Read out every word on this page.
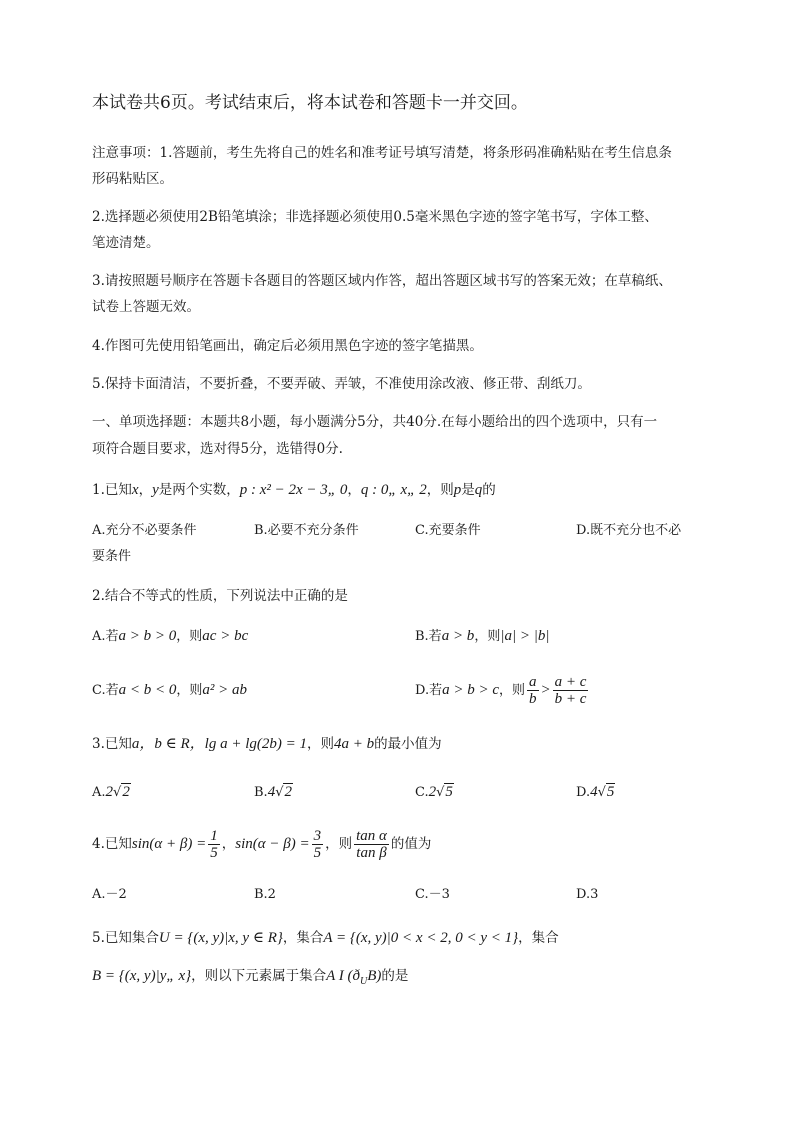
本试卷共6页。考试结束后，将本试卷和答题卡一并交回。
注意事项：1.答题前，考生先将自己的姓名和准考证号填写清楚，将条形码准确粘贴在考生信息条
形码粘贴区。
2.选择题必须使用2B铅笔填涂；非选择题必须使用0.5毫米黑色字迹的签字笔书写，字体工整、
笔迹清楚。
3.请按照题号顺序在答题卡各题目的答题区域内作答，超出答题区域书写的答案无效；在草稿纸、
试卷上答题无效。
4.作图可先使用铅笔画出，确定后必须用黑色字迹的签字笔描黑。
5.保持卡面清洁，不要折叠，不要弄破、弄皱，不准使用涂改液、修正带、刮纸刀。
一、单项选择题：本题共8小题，每小题满分5分，共40分.在每小题给出的四个选项中，只有一
项符合题目要求，选对得5分，选错得0分.
1.已知x，y是两个实数，p : x² − 2x − 3„ 0，q : 0„ x„ 2，则p是q的
A.充分不必要条件	B.必要不充分条件	C.充要条件	D.既不充分也不必
要条件
2.结合不等式的性质，下列说法中正确的是
A.若a > b > 0，则ac > bc	B.若a > b，则|a| > |b|
C.若a < b < 0，则a² > ab	D.若a > b > c，则 $\frac{a}{b} > \frac{a + c}{b + c}$
3.已知a，b ∈ R，lg a + lg(2b) = 1，则4a + b的最小值为
A.2√2	B.4√2	C.2√5	D.4√5
4.已知$\sin(\alpha + \beta) = \frac{1}{5}$ ，$\sin(\alpha - \beta) = \frac{3}{5}$ ，则 $\frac{\text{tan α}}{\text{tan β}}$ 的值为
A.－2	B.2	C.－3	D.3
5.已知集合U = {(x, y)|x, y ∈ R}，集合A = {(x, y)|0 < x < 2, 0 < y < 1}，集合
B = {(x, y)|y„ x}，则以下元素属于集合A I $(ð_UB)$的是
